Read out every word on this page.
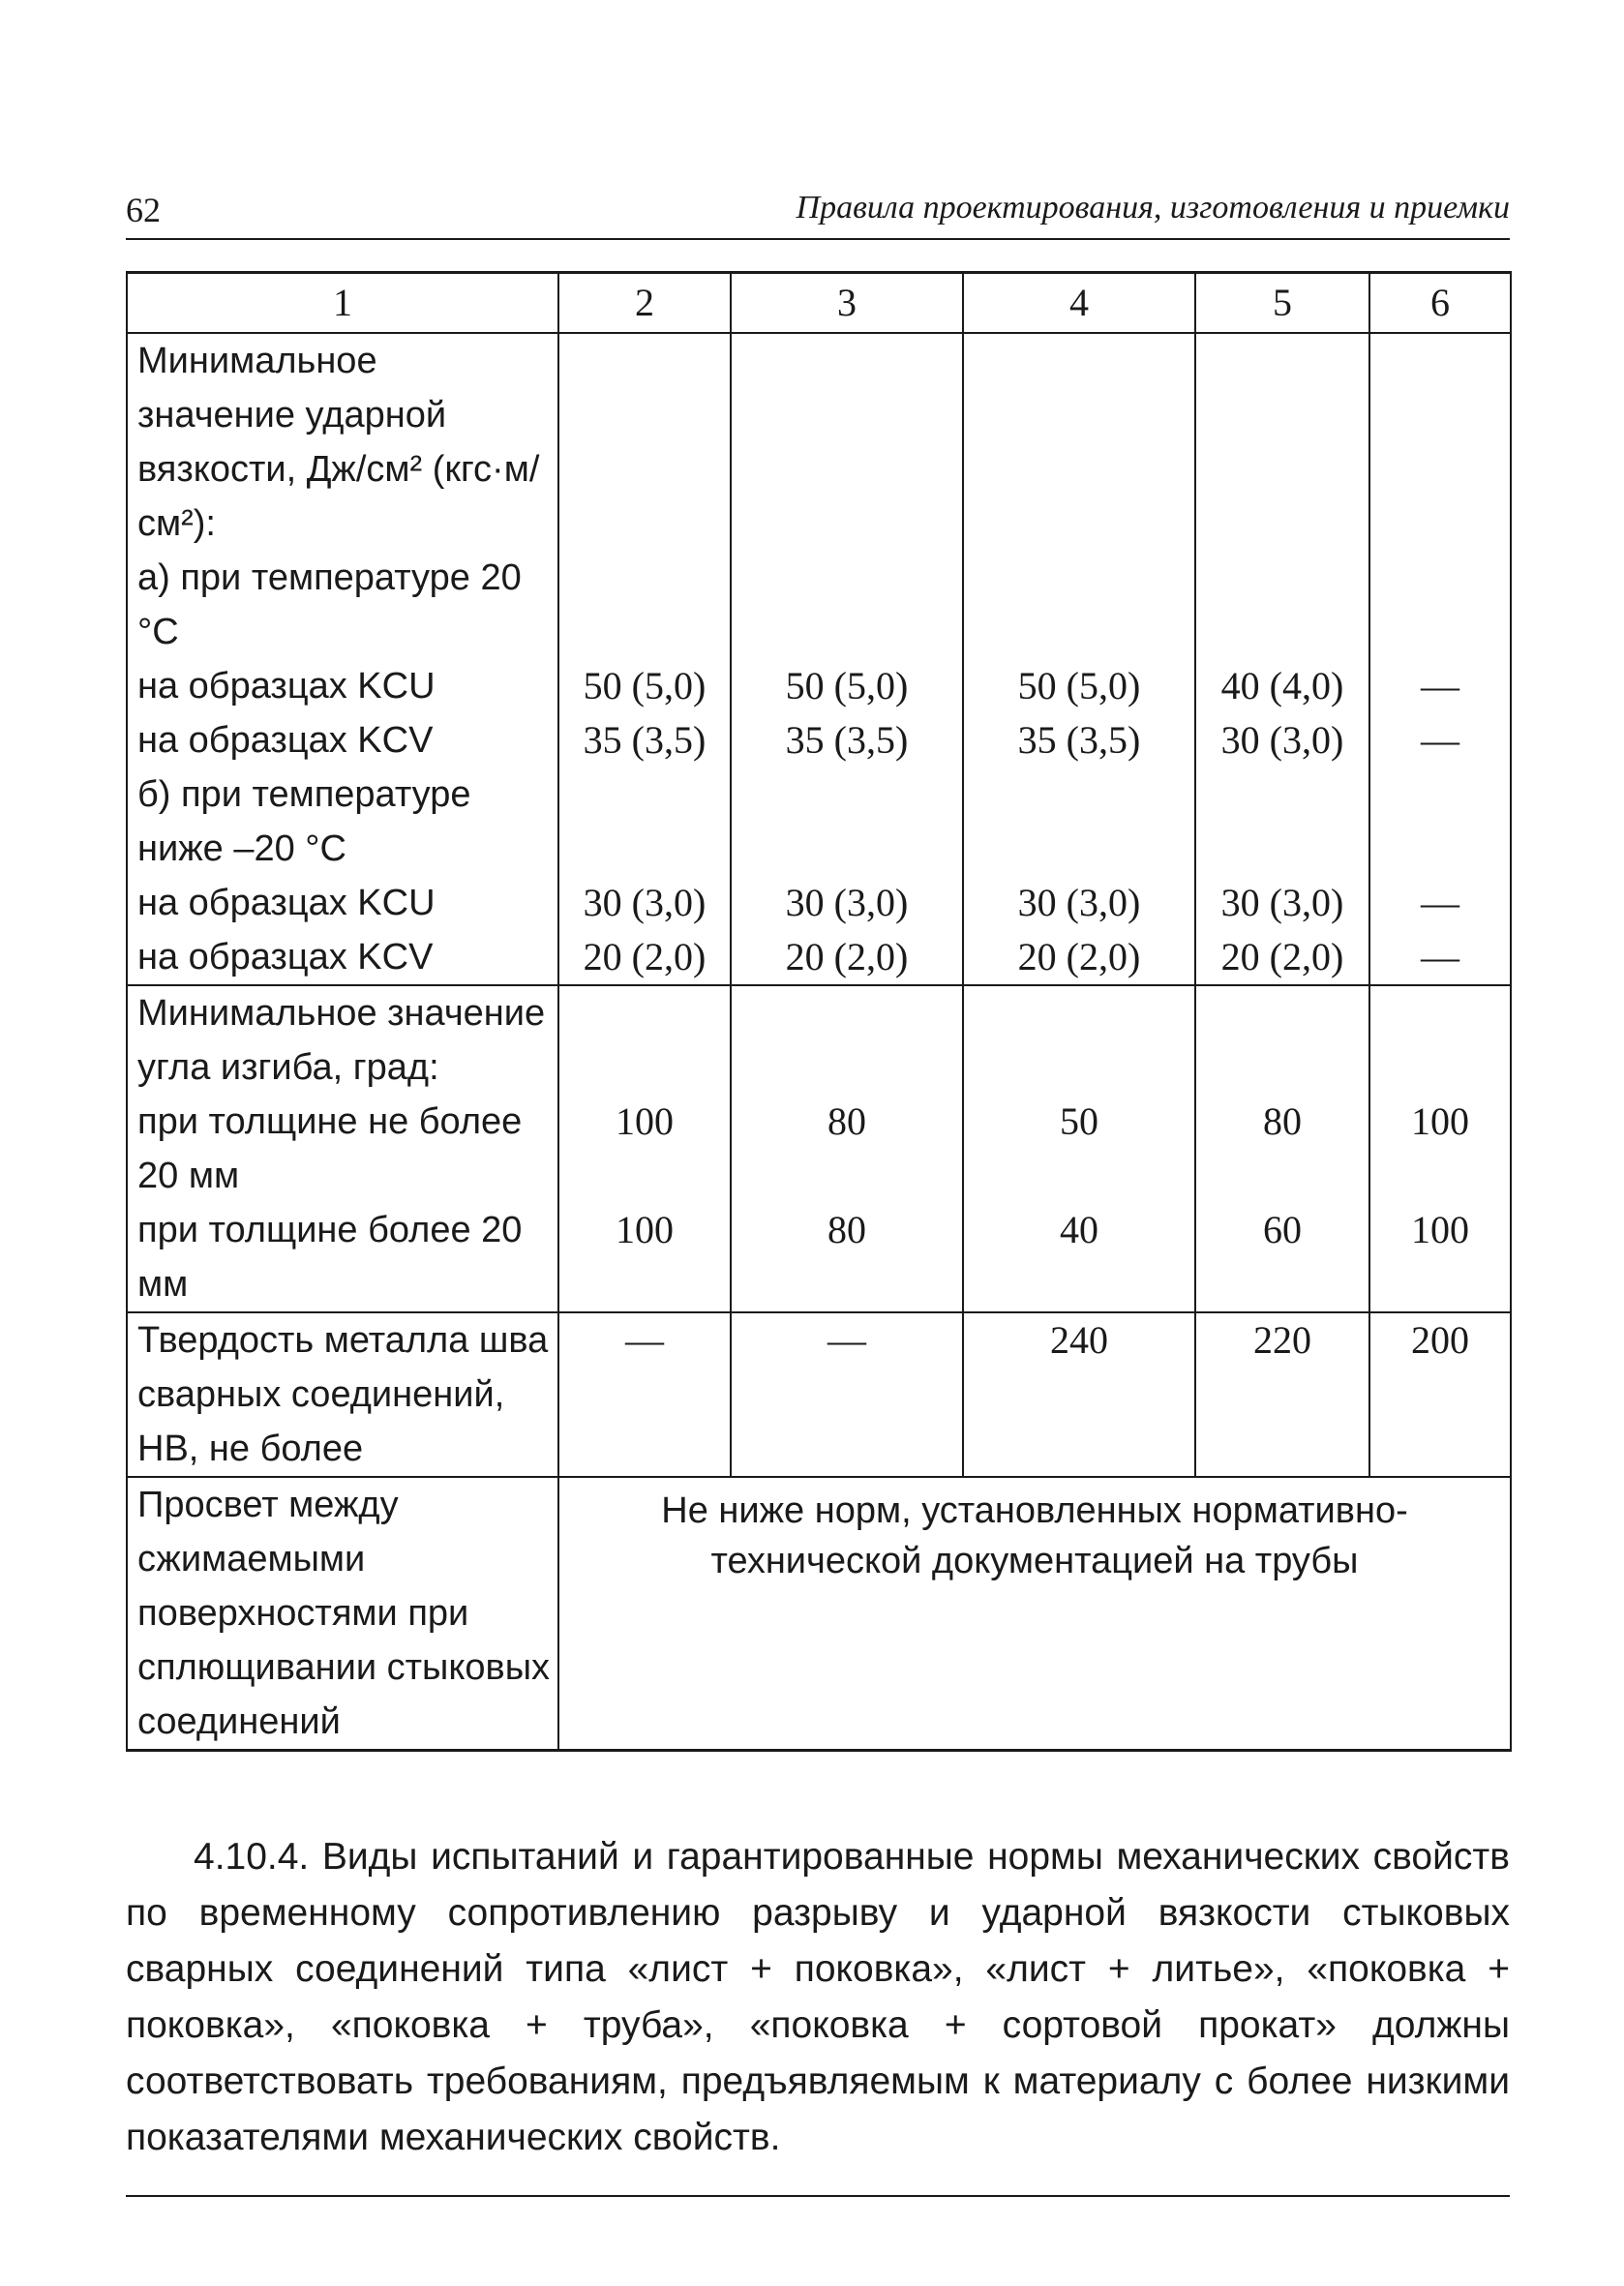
62	Правила проектирования, изготовления и приемки
1	2	3	4	5	6

Минимальное
значение ударной
вязкости, Дж/см² (кгс·м/см²):					

а) при температуре 20 °С					
на образцах KCU	50 (5,0)	50 (5,0)	50 (5,0)	40 (4,0)	—
на образцах KCV	35 (3,5)	35 (3,5)	35 (3,5)	30 (3,0)	—
б) при температуре ниже –20 °С					
на образцах KCU	30 (3,0)	30 (3,0)	30 (3,0)	30 (3,0)	—
на образцах KCV	20 (2,0)	20 (2,0)	20 (2,0)	20 (2,0)	—
Минимальное значение угла изгиба, град:					
при толщине не более 20 мм	100	80	50	80	100
при толщине более 20 мм	100	80	40	60	100
Твердость металла шва сварных соединений, НВ, не более	—	—	240	220	200
Просвет между сжимаемыми поверхностями при сплющивании стыковых соединений	Не ниже норм, установленных нормативно-технической документацией на трубы				

4.10.4. Виды испытаний и гарантированные нормы механических свойств по временному сопротивлению разрыву и ударной вязкости стыковых сварных соединений типа «лист + поковка», «лист + литье», «поковка + поковка», «поковка + труба», «поковка + сортовой прокат» должны соответствовать требованиям, предъявляемым к материалу с более низкими показателями механических свойств.
